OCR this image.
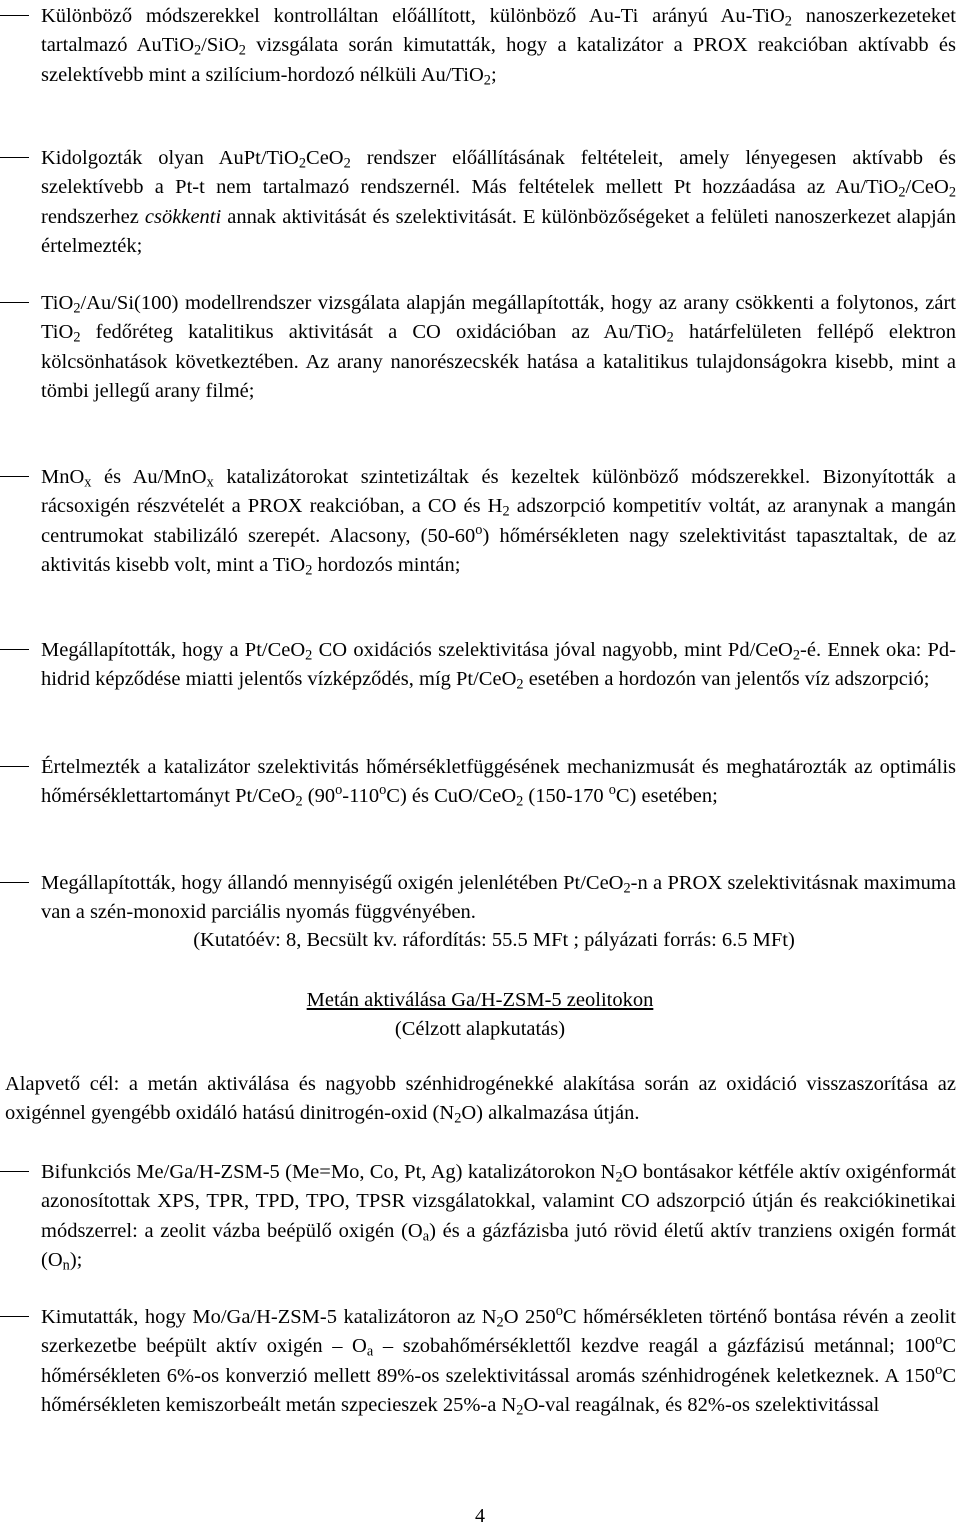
Különböző módszerekkel kontrolláltan előállított, különböző Au-Ti arányú Au-TiO$_2$ nanoszerkezeteket tartalmazó AuTiO$_2$/SiO$_2$ vizsgálata során kimutatták, hogy a katalizátor a PROX reakcióban aktívabb és szelektívebb mint a szilícium-hordozó nélküli Au/TiO$_2$;
Kidolgozták olyan AuPt/TiO$_2$CeO$_2$ rendszer előállításának feltételeit, amely lényegesen aktívabb és szelektívebb a Pt-t nem tartalmazó rendszernél. Más feltételek mellett Pt hozzáadása az Au/TiO$_2$/CeO$_2$ rendszerhez csökkenti annak aktivitását és szelektivitását. E különbözőségeket a felületi nanoszerkezet alapján értelmezték;
TiO$_2$/Au/Si(100) modellrendszer vizsgálata alapján megállapították, hogy az arany csökkenti a folytonos, zárt TiO$_2$ fedőréteg katalitikus aktivitását a CO oxidációban az Au/TiO$_2$ határfelületen fellépő elektron kölcsönhatások következtében. Az arany nanorészecskék hatása a katalitikus tulajdonságokra kisebb, mint a tömbi jellegű arany filmé;
MnO$_x$ és Au/MnO$_x$ katalizátorokat szintetizáltak és kezeltek különböző módszerekkel. Bizonyították a rácsoxigén részvételét a PROX reakcióban, a CO és $H_2$ adszorpció kompetitív voltát, az aranynak a mangán centrumokat stabilizáló szerepét. Alacsony, (50-60$^o$) hőmérsékleten nagy szelektivitást tapasztaltak, de az aktivitás kisebb volt, mint a TiO$_2$ hordozós mintán;
Megállapították, hogy a Pt/CeO$_2$ CO oxidációs szelektivitása jóval nagyobb, mint Pd/CeO$_2$-é. Ennek oka: Pd-hidrid képződése miatti jelentős vízképződés, míg Pt/CeO$_2$ esetében a hordozón van jelentős víz adszorpció;
Értelmezték a katalizátor szelektivitás hőmérsékletfüggésének mechanizmusát és meghatározták az optimális hőmérséklettartományt Pt/CeO$_2$ (90$^o$-110$^o$C) és CuO/CeO$_2$ (150-170 $^o$C) esetében;
Megállapították, hogy állandó mennyiségű oxigén jelenlétében Pt/CeO$_2$-n a PROX szelektivitásnak maximuma van a szén-monoxid parciális nyomás függvényében.
(Kutatóév: 8, Becsült kv. ráfordítás: 55.5 MFt ; pályázati forrás: 6.5 MFt)
Metán aktiválása Ga/H-ZSM-5 zeolitokon
(Célzott alapkutatás)
Alapvető cél: a metán aktiválása és nagyobb szénhidrogénekké alakítása során az oxidáció visszaszorítása az oxigénnel gyengébb oxidáló hatású dinitrogén-oxid $(N_2O)$ alkalmazása útján.
Bifunkciós Me/Ga/H-ZSM-5 (Me=Mo, Co, Pt, Ag) katalizátorokon $N_2O$ bontásakor kétféle aktív oxigénformát azonosítottak XPS, TPR, TPD, TPO, TPSR vizsgálatokkal, valamint CO adszorpció útján és reakciókinetikai módszerrel: a zeolit vázba beépülő oxigén $(O_a)$ és a gázfázisba jutó rövid életű aktív tranziens oxigén formát $(O_n)$;
Kimutatták, hogy Mo/Ga/H-ZSM-5 katalizátoron az $N_2O$ 250$^o$C hőmérsékleten történő bontása révén a zeolit szerkezetbe beépült aktív oxigén – $O_a$ – szobahőmérséklettől kezdve reagál a gázfázisú metánnal; 100$^o$C hőmérsékleten 6%-os konverzió mellett 89%-os szelektivitással aromás szénhidrogének keletkeznek. A 150$^o$C hőmérsékleten kemiszorbeált metán szpecieszek 25%-a $N_2O$-val reagálnak, és 82%-os szelektivitással
4
